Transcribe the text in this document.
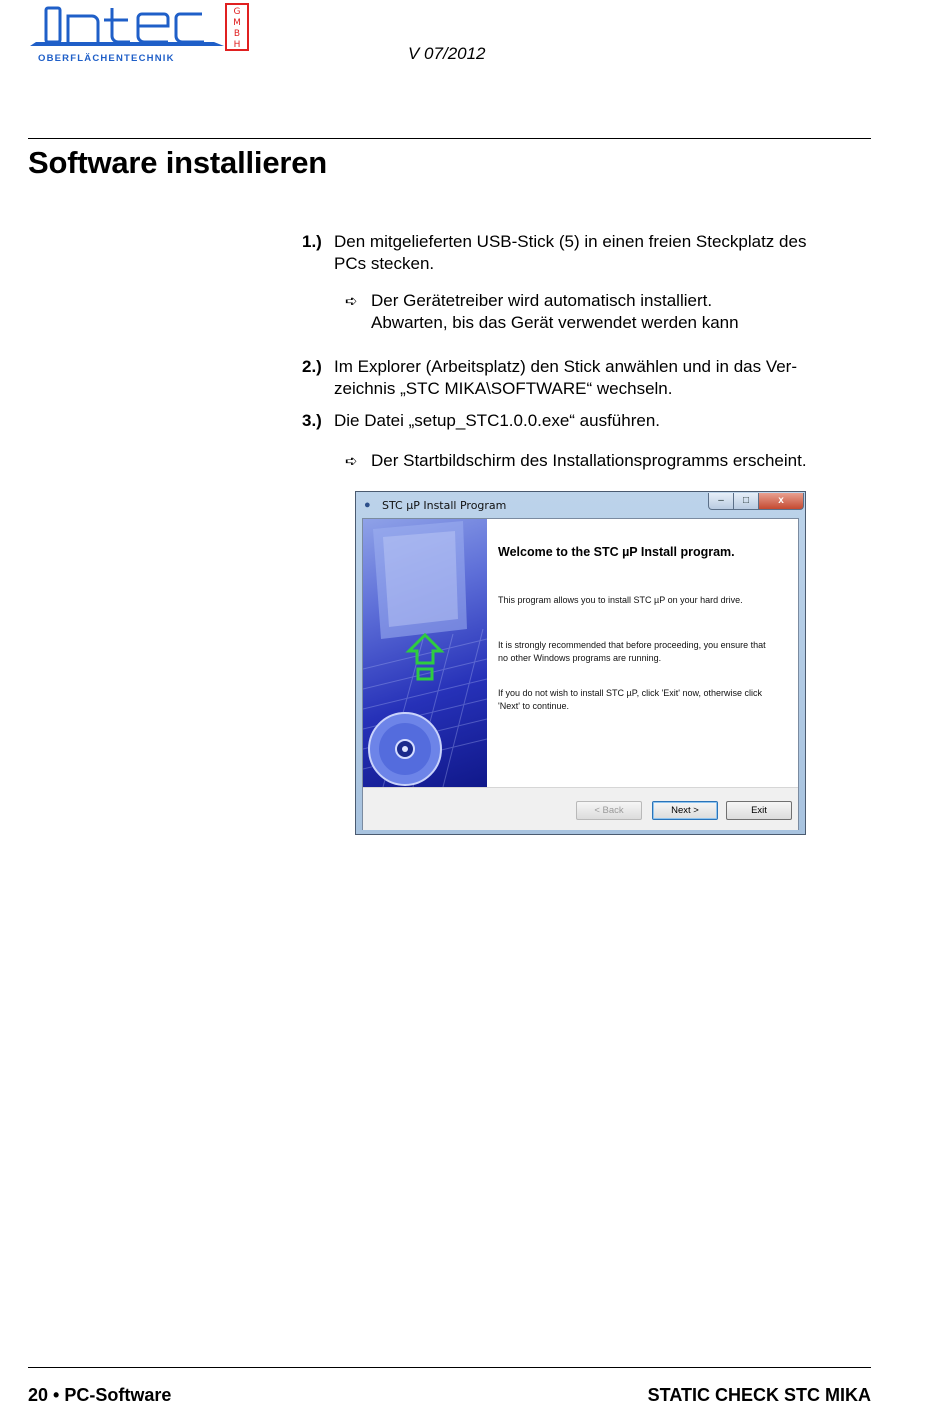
G
M
B
H
OBERFLÄCHENTECHNIK	V 07/2012
Software installieren
1.) Den mitgelieferten USB-Stick (5) in einen freien Steckplatz des
PCs stecken.
➪ Der Gerätetreiber wird automatisch installiert.
Abwarten, bis das Gerät verwendet werden kann
2.) Im Explorer (Arbeitsplatz) den Stick anwählen und in das Ver-
zeichnis „STC MIKA\SOFTWARE“ wechseln.
3.) Die Datei „setup_STC1.0.0.exe“ ausführen.
➪ Der Startbildschirm des Installationsprogramms erscheint.
● STC µP Install Program	–	□	x
Welcome to the STC µP Install program.
This program allows you to install STC µP on your hard drive.
It is strongly recommended that before proceeding, you ensure that
no other Windows programs are running.
If you do not wish to install STC µP, click 'Exit' now, otherwise click
'Next' to continue.
< Back	Next >	Exit
20 • PC-Software	STATIC CHECK STC MIKA
